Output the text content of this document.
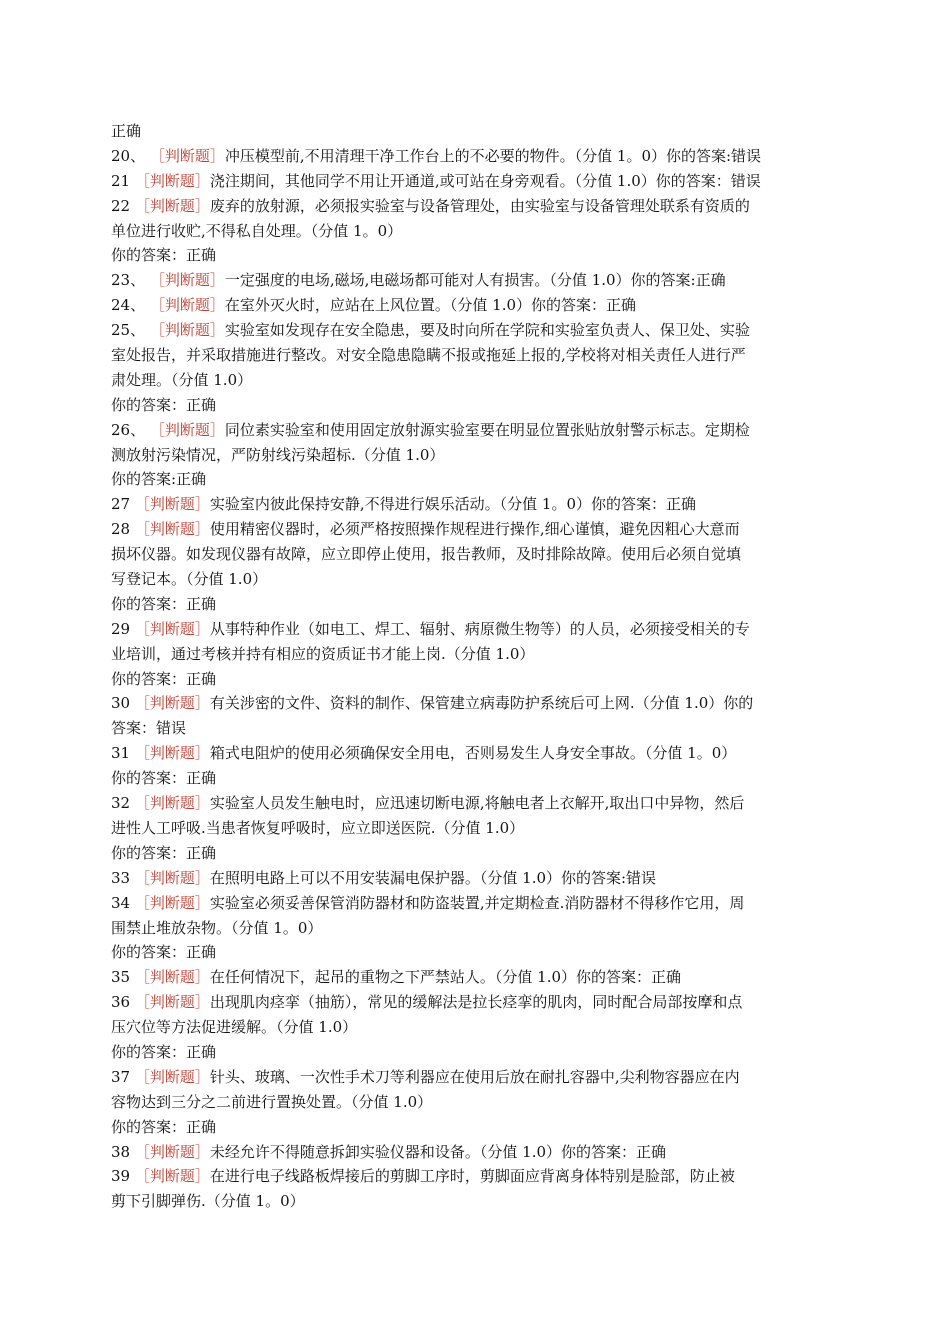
正确
20、 ［判断题］冲压模型前,不用清理干净工作台上的不必要的物件。（分值 1。0）你的答案:错误
21 ［判断题］浇注期间，其他同学不用让开通道,或可站在身旁观看。（分值 1.0）你的答案：错误
22 ［判断题］废弃的放射源，必须报实验室与设备管理处，由实验室与设备管理处联系有资质的
单位进行收贮,不得私自处理。（分值 1。0）
你的答案：正确
23、 ［判断题］一定强度的电场,磁场,电磁场都可能对人有损害。（分值 1.0）你的答案:正确
24、 ［判断题］在室外灭火时，应站在上风位置。（分值 1.0）你的答案：正确
25、 ［判断题］实验室如发现存在安全隐患，要及时向所在学院和实验室负责人、保卫处、实验
室处报告，并采取措施进行整改。对安全隐患隐瞒不报或拖延上报的,学校将对相关责任人进行严
肃处理。（分值 1.0）
你的答案：正确
26、 ［判断题］同位素实验室和使用固定放射源实验室要在明显位置张贴放射警示标志。定期检
测放射污染情况，严防射线污染超标.（分值 1.0）
你的答案:正确
27 ［判断题］实验室内彼此保持安静,不得进行娱乐活动。（分值 1。0）你的答案：正确
28 ［判断题］使用精密仪器时，必须严格按照操作规程进行操作,细心谨慎，避免因粗心大意而
损坏仪器。如发现仪器有故障，应立即停止使用，报告教师，及时排除故障。使用后必须自觉填
写登记本。（分值 1.0）
你的答案：正确
29 ［判断题］从事特种作业（如电工、焊工、辐射、病原微生物等）的人员，必须接受相关的专
业培训，通过考核并持有相应的资质证书才能上岗.（分值 1.0）
你的答案：正确
30 ［判断题］有关涉密的文件、资料的制作、保管建立病毒防护系统后可上网.（分值 1.0）你的
答案：错误
31 ［判断题］箱式电阻炉的使用必须确保安全用电，否则易发生人身安全事故。（分值 1。0）
你的答案：正确
32 ［判断题］实验室人员发生触电时，应迅速切断电源,将触电者上衣解开,取出口中异物，然后
进性人工呼吸.当患者恢复呼吸时，应立即送医院.（分值 1.0）
你的答案：正确
33 ［判断题］在照明电路上可以不用安装漏电保护器。（分值 1.0）你的答案:错误
34 ［判断题］实验室必须妥善保管消防器材和防盗装置,并定期检查.消防器材不得移作它用，周
围禁止堆放杂物。（分值 1。0）
你的答案：正确
35 ［判断题］在任何情况下，起吊的重物之下严禁站人。（分值 1.0）你的答案：正确
36 ［判断题］出现肌肉痉挛（抽筋），常见的缓解法是拉长痉挛的肌肉，同时配合局部按摩和点
压穴位等方法促进缓解。（分值 1.0）
你的答案：正确
37 ［判断题］针头、玻璃、一次性手术刀等利器应在使用后放在耐扎容器中,尖利物容器应在内
容物达到三分之二前进行置换处置。（分值 1.0）
你的答案：正确
38 ［判断题］未经允许不得随意拆卸实验仪器和设备。（分值 1.0）你的答案：正确
39 ［判断题］在进行电子线路板焊接后的剪脚工序时，剪脚面应背离身体特别是脸部，防止被
剪下引脚弹伤.（分值 1。0）
